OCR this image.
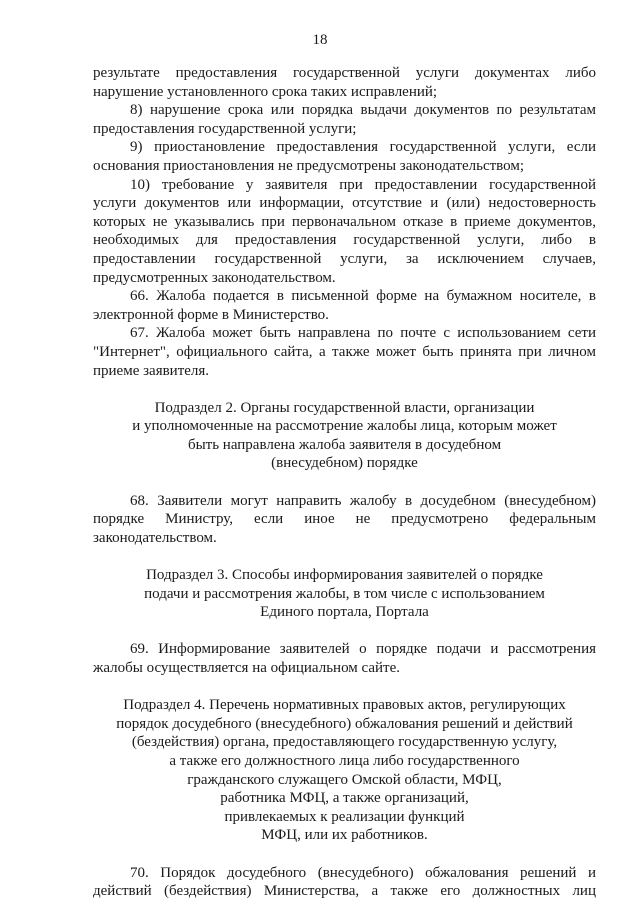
18
результате предоставления государственной услуги документах либо
нарушение установленного срока таких исправлений;
8) нарушение срока или порядка выдачи документов по результатам
предоставления государственной услуги;
9) приостановление предоставления государственной услуги, если
основания приостановления не предусмотрены законодательством;
10) требование у заявителя при предоставлении государственной
услуги документов или информации, отсутствие и (или) недостоверность
которых не указывались при первоначальном отказе в приеме документов,
необходимых для предоставления государственной услуги, либо в
предоставлении государственной услуги, за исключением случаев,
предусмотренных законодательством.
66. Жалоба подается в письменной форме на бумажном носителе, в
электронной форме в Министерство.
67. Жалоба может быть направлена по почте с использованием сети
"Интернет", официального сайта, а также может быть принята при личном
приеме заявителя.
Подраздел 2. Органы государственной власти, организации
и уполномоченные на рассмотрение жалобы лица, которым может
быть направлена жалоба заявителя в досудебном
(внесудебном) порядке
68. Заявители могут направить жалобу в досудебном (внесудебном)
порядке Министру, если иное не предусмотрено федеральным
законодательством.
Подраздел 3. Способы информирования заявителей о порядке
подачи и рассмотрения жалобы, в том числе с использованием
Единого портала, Портала
69. Информирование заявителей о порядке подачи и рассмотрения
жалобы осуществляется на официальном сайте.
Подраздел 4. Перечень нормативных правовых актов, регулирующих
порядок досудебного (внесудебного) обжалования решений и действий
(бездействия) органа, предоставляющего государственную услугу,
а также его должностного лица либо государственного
гражданского служащего Омской области, МФЦ,
работника МФЦ, а также организаций,
привлекаемых к реализации функций
МФЦ, или их работников.
70. Порядок досудебного (внесудебного) обжалования решений и
действий (бездействия) Министерства, а также его должностных лиц
